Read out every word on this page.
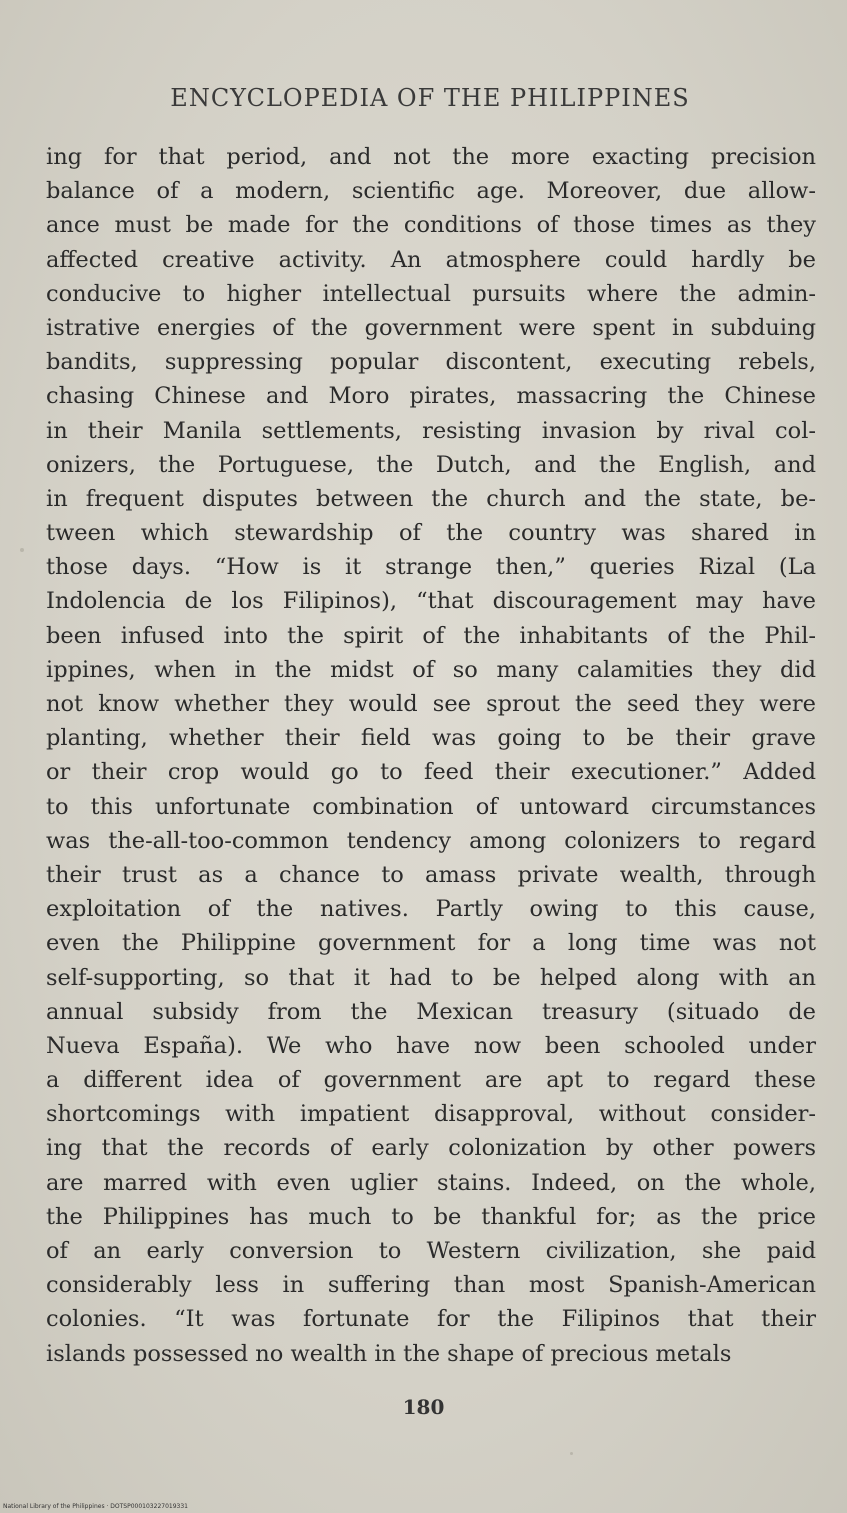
ENCYCLOPEDIA OF THE PHILIPPINES
ing for that period, and not the more exacting precision
balance of a modern, scientific age. Moreover, due allow-
ance must be made for the conditions of those times as they
affected creative activity. An atmosphere could hardly be
conducive to higher intellectual pursuits where the admin-
istrative energies of the government were spent in subduing
bandits, suppressing popular discontent, executing rebels,
chasing Chinese and Moro pirates, massacring the Chinese
in their Manila settlements, resisting invasion by rival col-
onizers, the Portuguese, the Dutch, and the English, and
in frequent disputes between the church and the state, be-
tween which stewardship of the country was shared in
those days. “How is it strange then,” queries Rizal (La
Indolencia de los Filipinos), “that discouragement may have
been infused into the spirit of the inhabitants of the Phil-
ippines, when in the midst of so many calamities they did
not know whether they would see sprout the seed they were
planting, whether their field was going to be their grave
or their crop would go to feed their executioner.” Added
to this unfortunate combination of untoward circumstances
was the-all-too-common tendency among colonizers to regard
their trust as a chance to amass private wealth, through
exploitation of the natives. Partly owing to this cause,
even the Philippine government for a long time was not
self-supporting, so that it had to be helped along with an
annual subsidy from the Mexican treasury (situado de
Nueva España). We who have now been schooled under
a different idea of government are apt to regard these
shortcomings with impatient disapproval, without consider-
ing that the records of early colonization by other powers
are marred with even uglier stains. Indeed, on the whole,
the Philippines has much to be thankful for; as the price
of an early conversion to Western civilization, she paid
considerably less in suffering than most Spanish-American
colonies. “It was fortunate for the Filipinos that their
islands possessed no wealth in the shape of precious metals
180
National Library of the Philippines · DOTSP000103227019331
